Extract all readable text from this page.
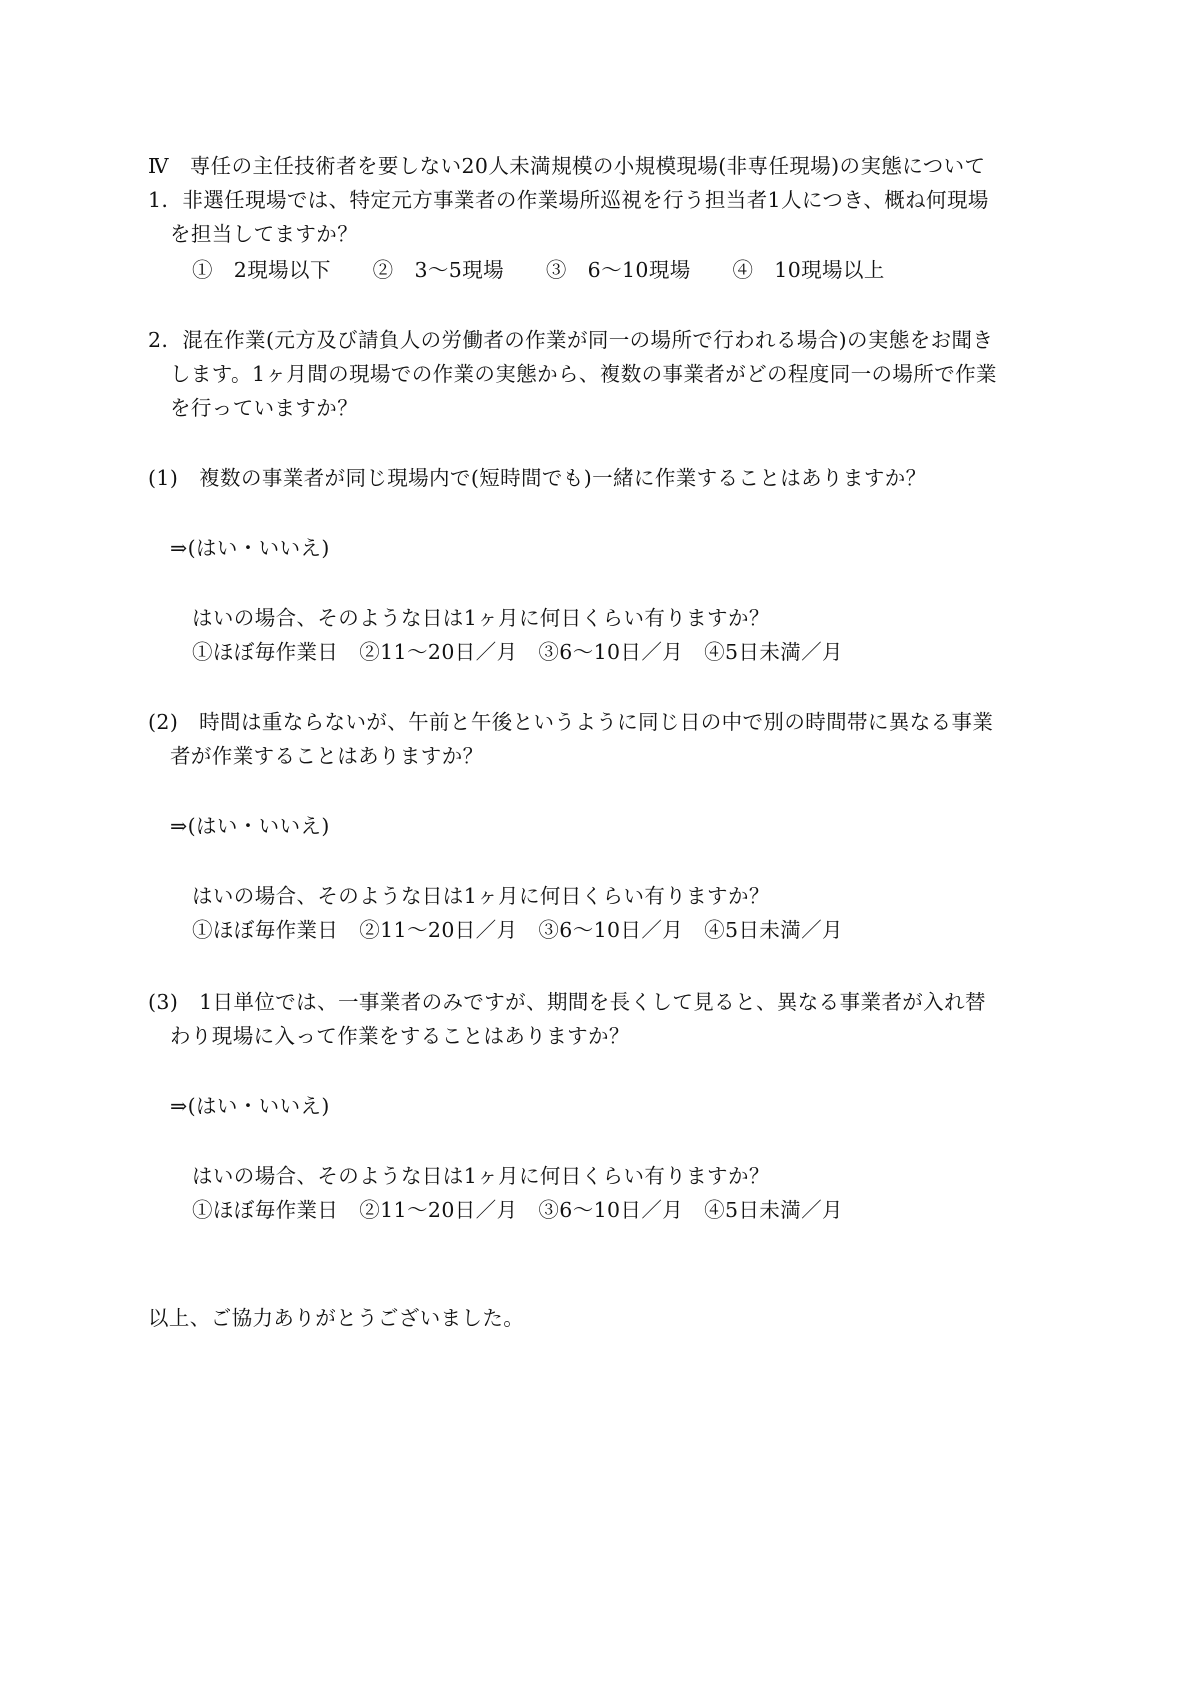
Ⅳ　専任の主任技術者を要しない20人未満規模の小規模現場(非専任現場)の実態について
1．非選任現場では、特定元方事業者の作業場所巡視を行う担当者1人につき、概ね何現場
を担当してますか？
①　2現場以下　　②　3～5現場　　③　6～10現場　　④　10現場以上
2．混在作業(元方及び請負人の労働者の作業が同一の場所で行われる場合)の実態をお聞き
します。1ヶ月間の現場での作業の実態から、複数の事業者がどの程度同一の場所で作業
を行っていますか？
(1)　複数の事業者が同じ現場内で(短時間でも)一緒に作業することはありますか？
⇒(はい・いいえ)
はいの場合、そのような日は1ヶ月に何日くらい有りますか？
①ほぼ毎作業日　②11～20日／月　③6～10日／月　④5日未満／月
(2)　時間は重ならないが、午前と午後というように同じ日の中で別の時間帯に異なる事業
者が作業することはありますか？
⇒(はい・いいえ)
はいの場合、そのような日は1ヶ月に何日くらい有りますか？
①ほぼ毎作業日　②11～20日／月　③6～10日／月　④5日未満／月
(3)　1日単位では、一事業者のみですが、期間を長くして見ると、異なる事業者が入れ替
わり現場に入って作業をすることはありますか？
⇒(はい・いいえ)
はいの場合、そのような日は1ヶ月に何日くらい有りますか？
①ほぼ毎作業日　②11～20日／月　③6～10日／月　④5日未満／月
以上、ご協力ありがとうございました。
